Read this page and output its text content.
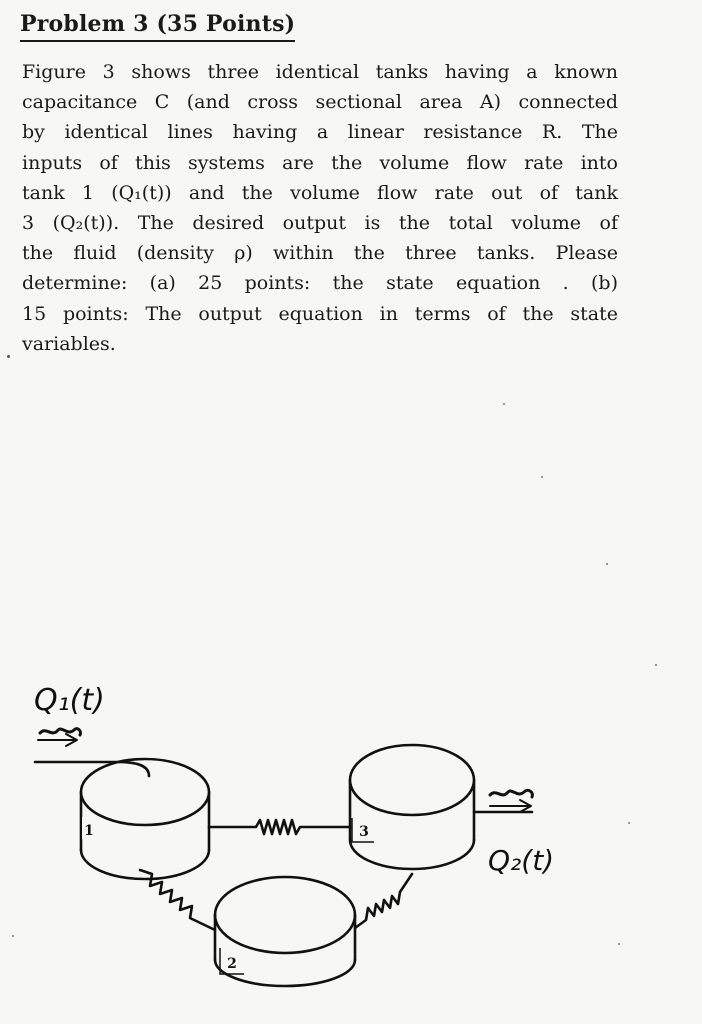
Problem 3 (35 Points)
Figure 3 shows three identical tanks having a known
capacitance C (and cross sectional area A) connected
by identical lines having a linear resistance R. The
inputs of this systems are the volume flow rate into
tank 1 (Q₁(t)) and the volume flow rate out of tank
3 (Q₂(t)). The desired output is the total volume of
the fluid (density ρ) within the three tanks. Please
determine: (a) 25 points: the state equation . (b)
15 points: The output equation in terms of the state
variables.
1	3
2
Q₁(t)
Q₂(t)
